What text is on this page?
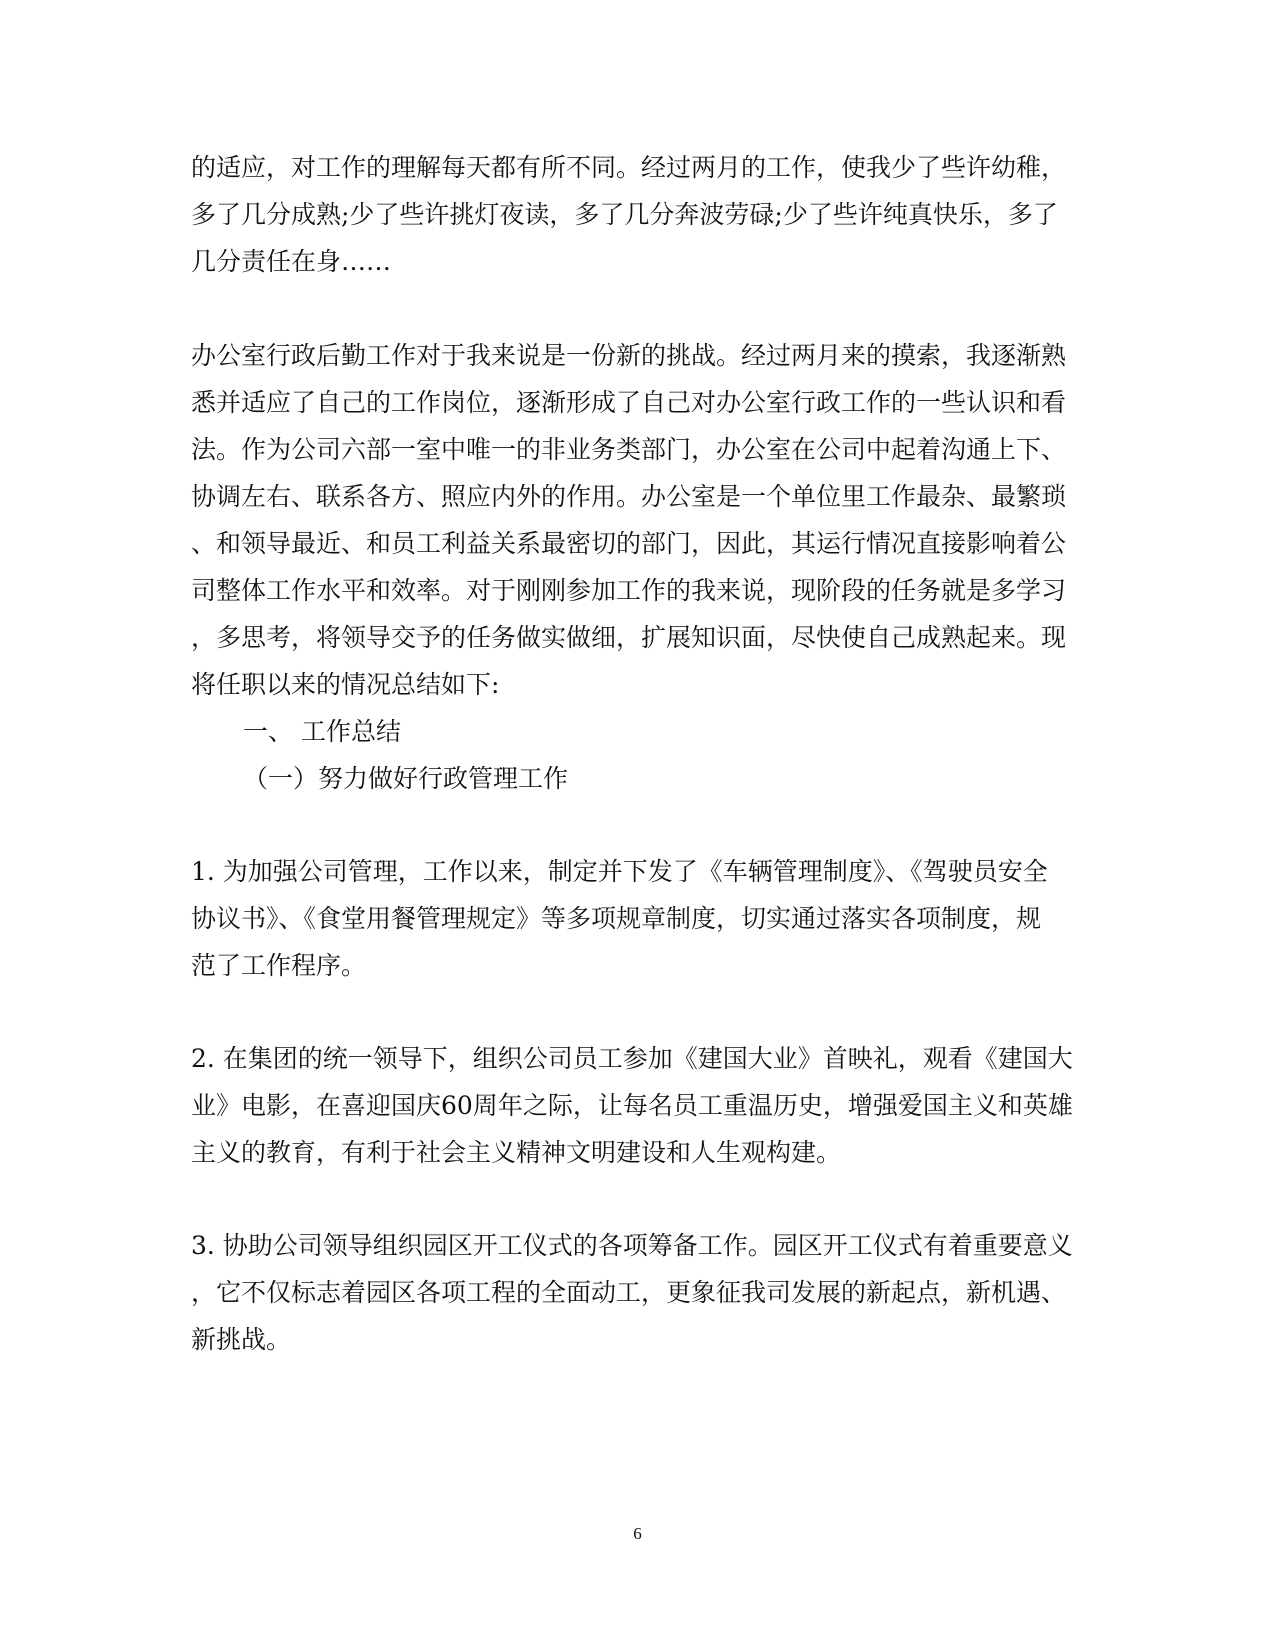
的适应，对工作的理解每天都有所不同。经过两月的工作，使我少了些许幼稚，
多了几分成熟;少了些许挑灯夜读，多了几分奔波劳碌;少了些许纯真快乐，多了
几分责任在身……
办公室行政后勤工作对于我来说是一份新的挑战。经过两月来的摸索，我逐渐熟
悉并适应了自己的工作岗位，逐渐形成了自己对办公室行政工作的一些认识和看
法。作为公司六部一室中唯一的非业务类部门，办公室在公司中起着沟通上下、
协调左右、联系各方、照应内外的作用。办公室是一个单位里工作最杂、最繁琐
、和领导最近、和员工利益关系最密切的部门，因此，其运行情况直接影响着公
司整体工作水平和效率。对于刚刚参加工作的我来说，现阶段的任务就是多学习
，多思考，将领导交予的任务做实做细，扩展知识面，尽快使自己成熟起来。现
将任职以来的情况总结如下:
一、 工作总结
（一）努力做好行政管理工作
1. 为加强公司管理，工作以来，制定并下发了《车辆管理制度》、《驾驶员安全
协议书》、《食堂用餐管理规定》等多项规章制度，切实通过落实各项制度，规
范了工作程序。
2. 在集团的统一领导下，组织公司员工参加《建国大业》首映礼，观看《建国大
业》电影，在喜迎国庆60周年之际，让每名员工重温历史，增强爱国主义和英雄
主义的教育，有利于社会主义精神文明建设和人生观构建。
3. 协助公司领导组织园区开工仪式的各项筹备工作。园区开工仪式有着重要意义
，它不仅标志着园区各项工程的全面动工，更象征我司发展的新起点，新机遇、
新挑战。
6
